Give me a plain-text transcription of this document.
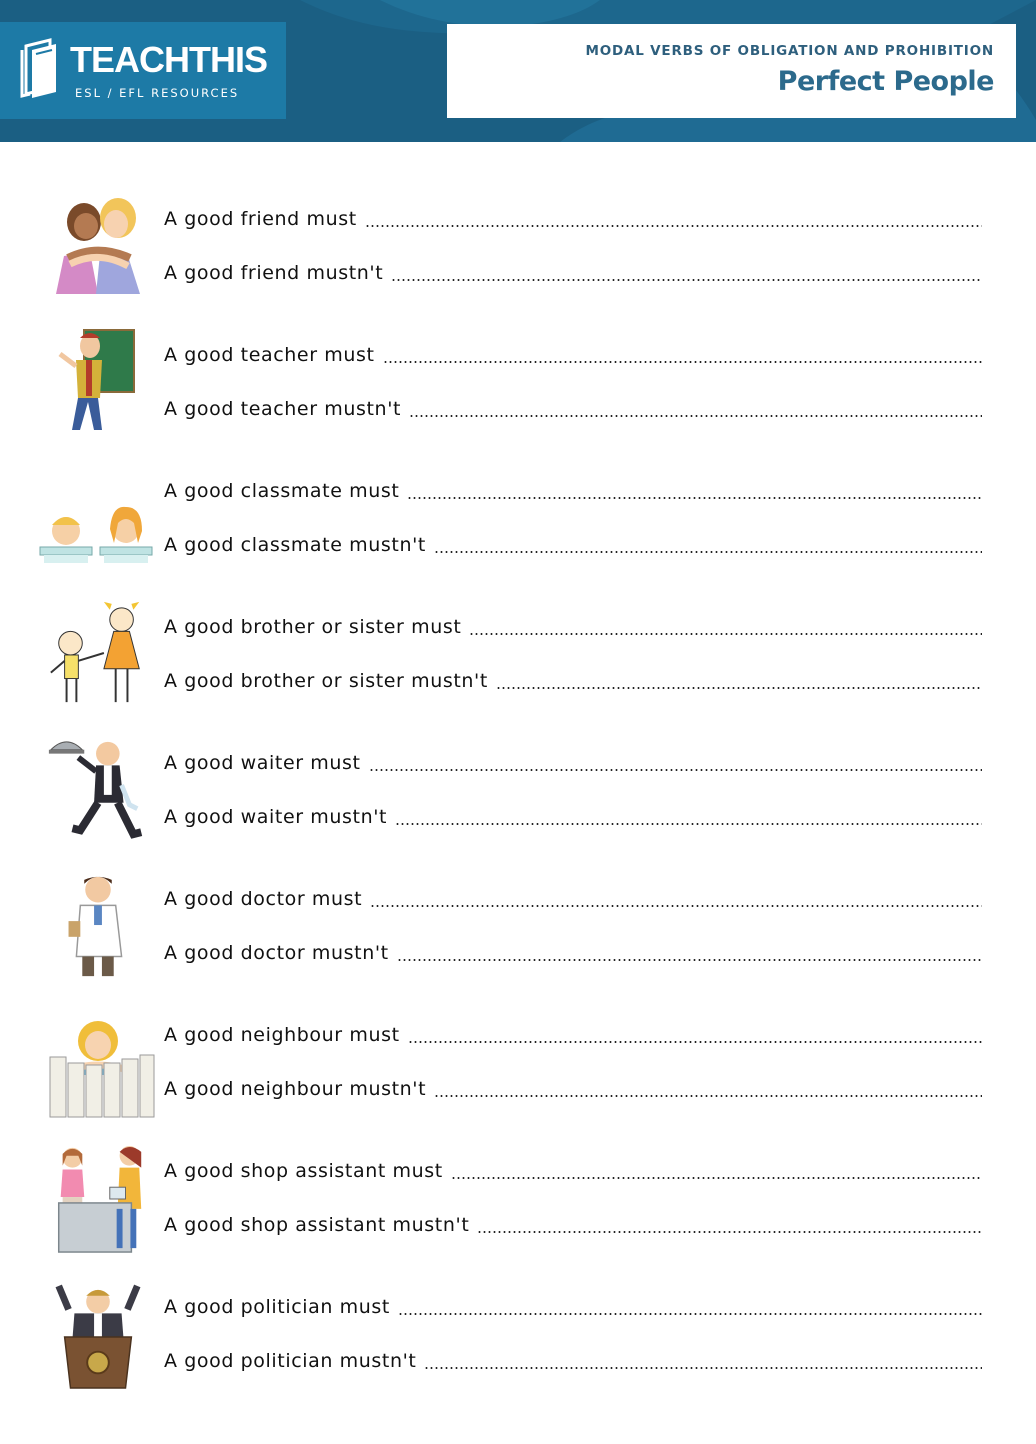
TEACHTHIS
ESL / EFL RESOURCES
MODAL VERBS OF OBLIGATION AND PROHIBITION
Perfect People
A good friend must
A good friend mustn't
A good teacher must
A good teacher mustn't
A good classmate must
A good classmate mustn't
A good brother or sister must
A good brother or sister mustn't
A good waiter must
A good waiter mustn't
A good doctor must
A good doctor mustn't
A good neighbour must
A good neighbour mustn't
A good shop assistant must
A good shop assistant mustn't
A good politician must
A good politician mustn't
